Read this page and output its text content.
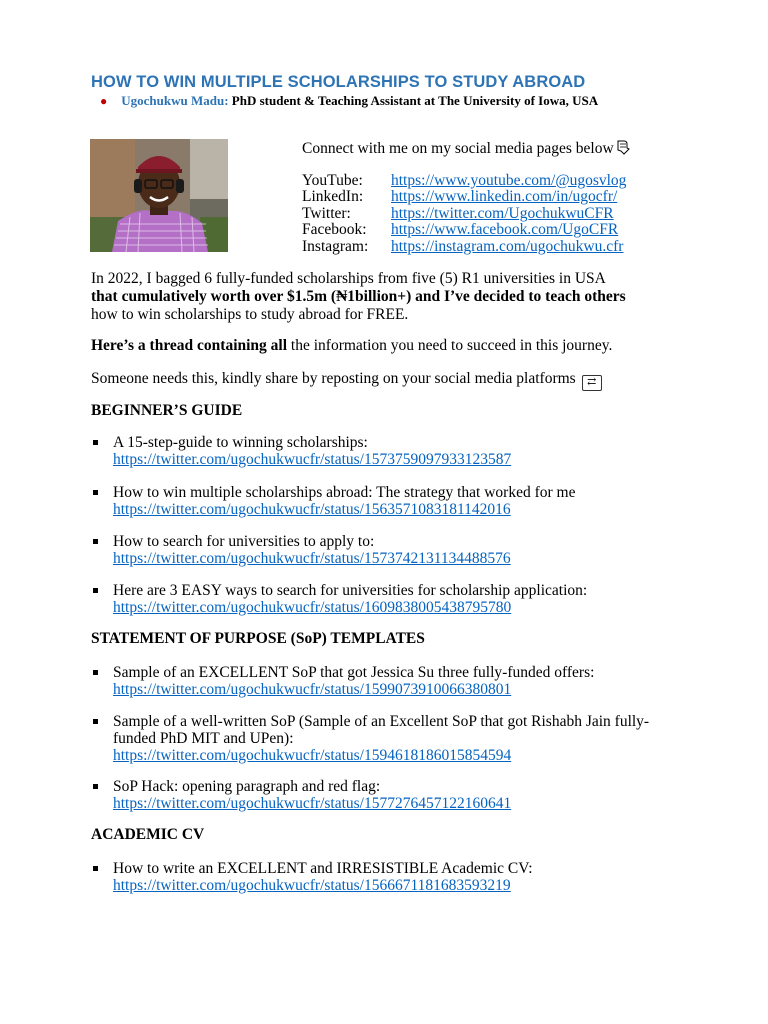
HOW TO WIN MULTIPLE SCHOLARSHIPS TO STUDY ABROAD
● Ugochukwu Madu: PhD student & Teaching Assistant at The University of Iowa, USA
Connect with me on my social media pages below
YouTube:	https://www.youtube.com/@ugosvlog
LinkedIn:	https://www.linkedin.com/in/ugocfr/
Twitter:	https://twitter.com/UgochukwuCFR
Facebook:	https://www.facebook.com/UgoCFR
Instagram:	https://instagram.com/ugochukwu.cfr
In 2022, I bagged 6 fully-funded scholarships from five (5) R1 universities in USA
that cumulatively worth over $1.5m (₦1billion+) and I’ve decided to teach others
how to win scholarships to study abroad for FREE.
Here’s a thread containing all the information you need to succeed in this journey.
Someone needs this, kindly share by reposting on your social media platforms ⇄
BEGINNER’S GUIDE
A 15-step-guide to winning scholarships:
https://twitter.com/ugochukwucfr/status/1573759097933123587
How to win multiple scholarships abroad: The strategy that worked for me
https://twitter.com/ugochukwucfr/status/1563571083181142016
How to search for universities to apply to:
https://twitter.com/ugochukwucfr/status/1573742131134488576
Here are 3 EASY ways to search for universities for scholarship application:
https://twitter.com/ugochukwucfr/status/1609838005438795780
STATEMENT OF PURPOSE (SoP) TEMPLATES
Sample of an EXCELLENT SoP that got Jessica Su three fully-funded offers:
https://twitter.com/ugochukwucfr/status/1599073910066380801
Sample of a well-written SoP (Sample of an Excellent SoP that got Rishabh Jain fully-funded PhD MIT and UPen):
https://twitter.com/ugochukwucfr/status/1594618186015854594
SoP Hack: opening paragraph and red flag:
https://twitter.com/ugochukwucfr/status/1577276457122160641
ACADEMIC CV
How to write an EXCELLENT and IRRESISTIBLE Academic CV:
https://twitter.com/ugochukwucfr/status/1566671181683593219
